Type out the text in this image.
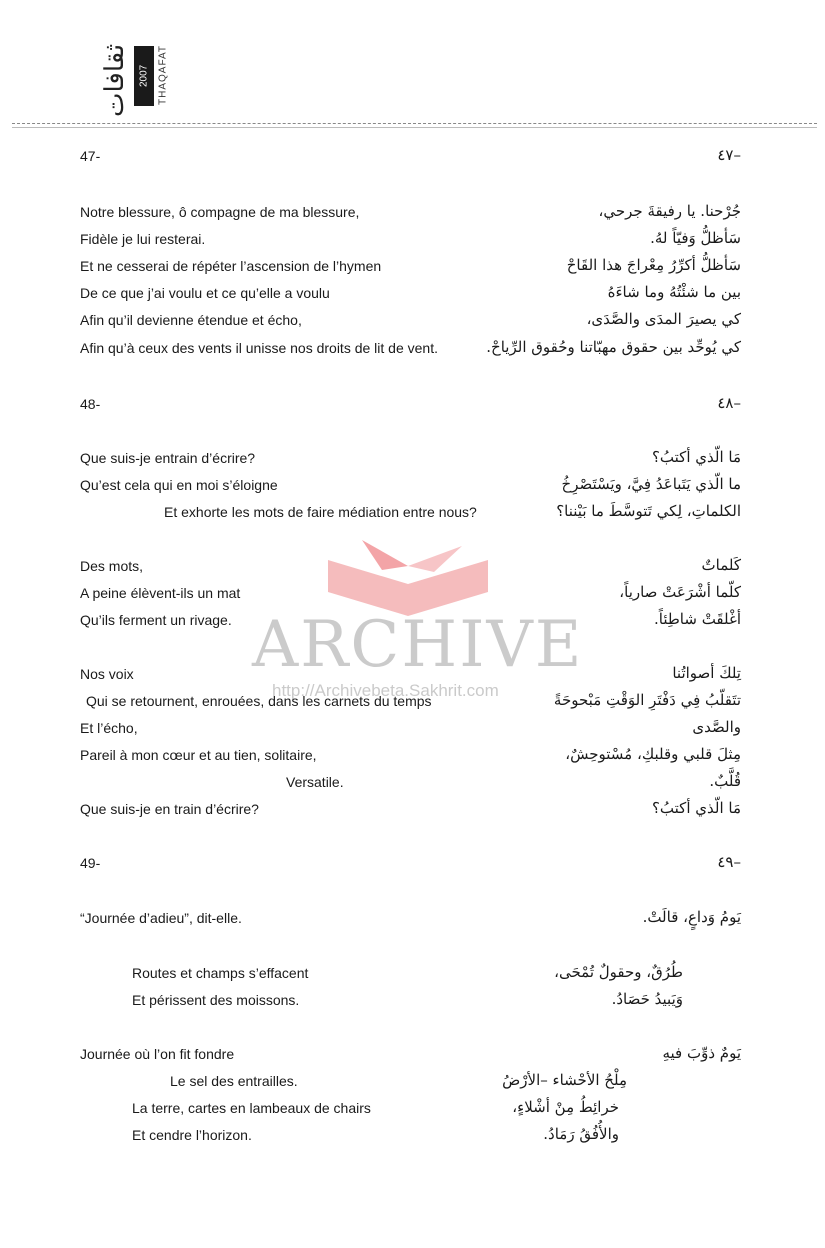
ثقافات 2007 THAQAFAT
ARCHIVE
http://Archivebeta.Sakhrit.com
47-	–٤٧
48-	–٤٨
49-	–٤٩
Notre blessure, ô compagne de ma blessure,	جُرْحنا. يا رفيقةَ جرحي،
Fidèle je lui resterai.	سَأظلُّ وَفيّاً لهُ.
Et ne cesserai de répéter l’ascension de l’hymen	سَأظلُّ أكرِّرُ مِعْراجَ هذا القَاحْ
De ce que j’ai voulu et ce qu’elle a voulu	بين ما شئْتُهُ وما شاءَهُ
Afin qu’il devienne étendue et écho,	كي يصيرَ المدَى والصَّدَى،
Afin qu’à ceux des vents il unisse nos droits de lit de vent.	كي يُوحِّد بين حقوق مهبّاتنا وحُقوق الرِّياحْ.
Que suis-je entrain d’écrire?	مَا الّذي أكتبُ؟
Qu’est cela qui en moi s’éloigne	ما الّذي يَتَباعَدُ فِيَّ، ويَسْتَصْرِخُ
Et exhorte les mots de faire médiation entre nous?	الكلماتِ، لِكي تَتوسَّطَ ما بَيْننا؟
Des mots,	كَلماتٌ
A peine élèvent-ils un mat	كلّما أشْرَعَتْ صارياً،
Qu’ils ferment un rivage.	أغْلقَتْ شاطِئاً.
Nos voix	تِلكَ أصواتُنا
Qui se retournent, enrouées, dans les carnets du temps	تتَقلّبُ فِي دَفْتَرِ الوَقْتِ مَبْحوحَةً
Et l’écho,	والصَّدى
Pareil à mon cœur et au tien, solitaire,	مِثلَ قلبي وقلبكِ، مُسْتوحِشٌ،
Versatile.	قُلَّبٌ.
Que suis-je en train d’écrire?	مَا الّذي أكتبُ؟
“Journée d’adieu”, dit-elle.	يَومُ وَداعٍ، قالَتْ.
Routes et champs s’effacent	طُرُقٌ، وحقولٌ تُمْحَى،
Et périssent des moissons.	وَيَبيدُ حَصَادُ.
Journée où l’on fit fondre	يَومٌ ذوِّبَ فيهِ
Le sel des entrailles.	مِلْحُ الأحْشاء –الأرْضُ
La terre, cartes en lambeaux de chairs	خرائِطُ مِنْ أشْلاءٍ،
Et cendre l’horizon.	والأُفُقُ رَمَادُ.
